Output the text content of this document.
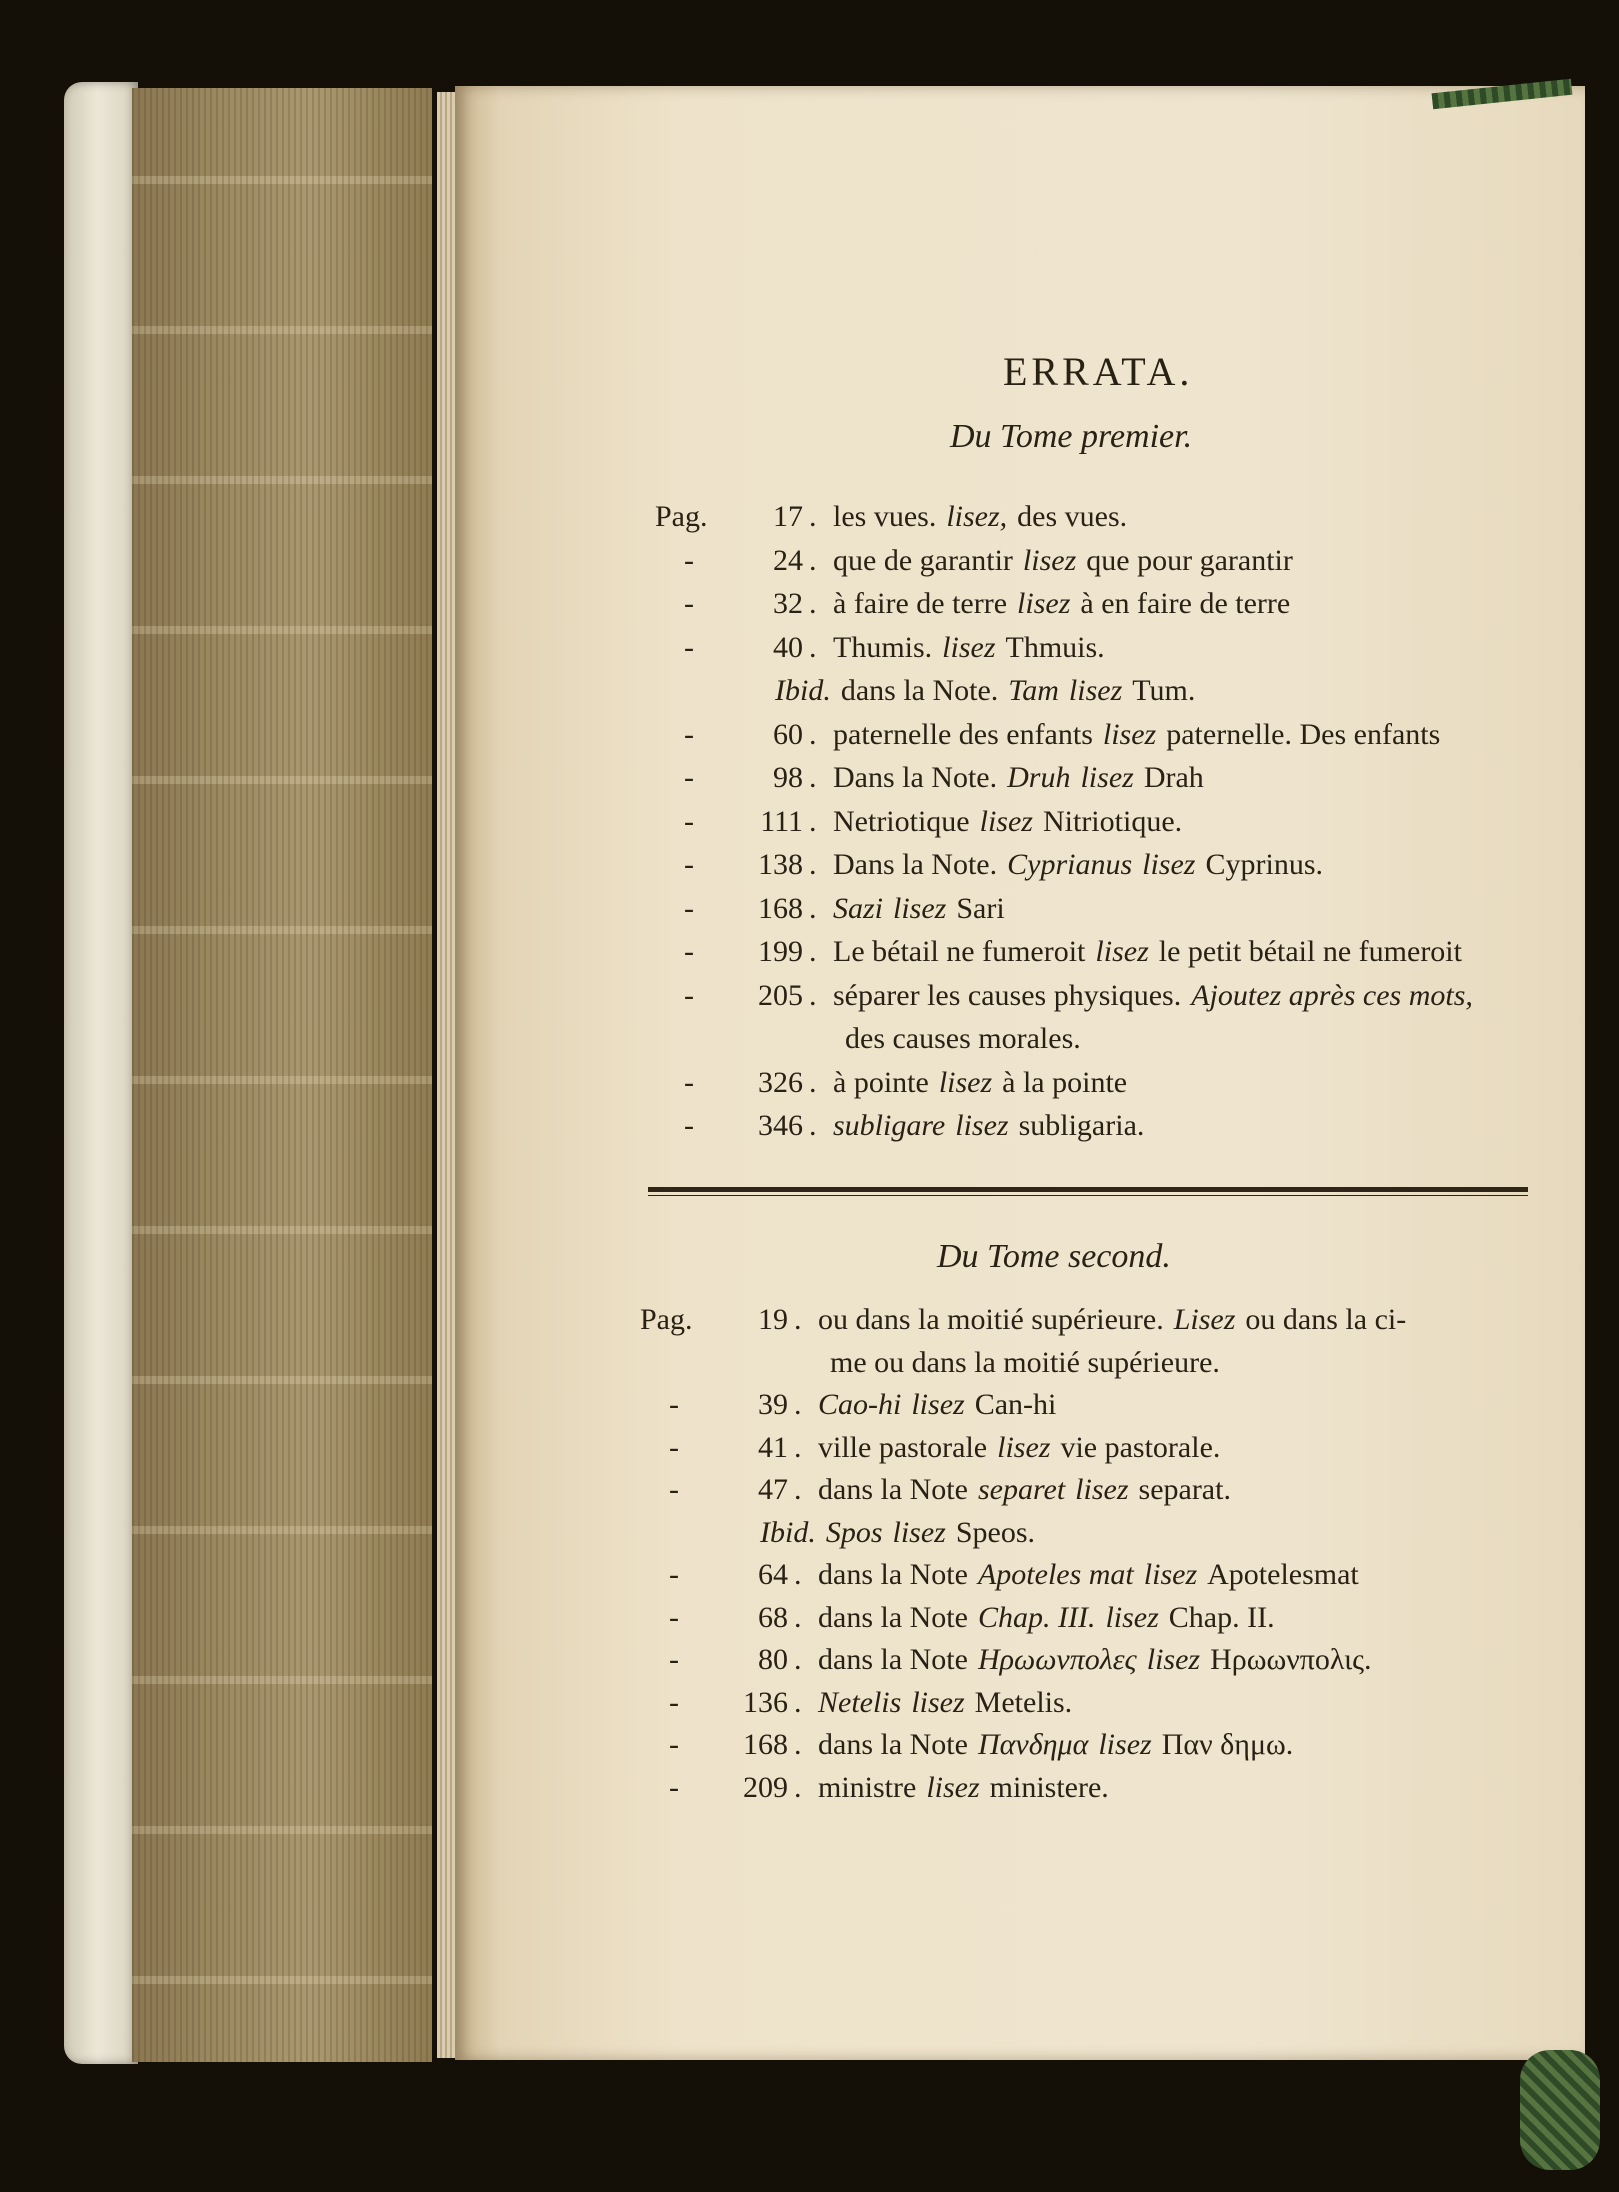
ERRATA.
Du Tome premier.
Du Tome second.
Pag. 17 . les vues. lisez, des vues.
-	24 . que de garantir lisez que pour garantir
-	32 . à faire de terre lisez à en faire de terre
-	40 . Thumis. lisez Thmuis.
Ibid. dans la Note. Tam lisez Tum.
-	60 . paternelle des enfants lisez paternelle. Des enfants
-	98 . Dans la Note. Druh lisez Drah
- 111 . Netriotique lisez Nitriotique.
- 138 . Dans la Note. Cyprianus lisez Cyprinus.
- 168 . Sazi lisez Sari
- 199 . Le bétail ne fumeroit lisez le petit bétail ne fumeroit
- 205 . séparer les causes physiques. Ajoutez après ces mots,
des causes morales.
- 326 . à pointe lisez à la pointe
- 346 . subligare lisez subligaria.
Pag. 19 . ou dans la moitié supérieure. Lisez ou dans la ci-
me ou dans la moitié supérieure.
-	39 . Cao-hi lisez Can-hi
-	41 . ville pastorale lisez vie pastorale.
-	47 . dans la Note separet lisez separat.
Ibid. Spos lisez Speos.
-	64 . dans la Note Apoteles mat lisez Apotelesmat
-	68 . dans la Note Chap. III. lisez Chap. II.
-	80 . dans la Note Ηρωωνπολες lisez Ηρωωνπολις.
- 136 . Netelis lisez Metelis.
- 168 . dans la Note Πανδημα lisez Παν δημω.
- 209 . ministre lisez ministere.
